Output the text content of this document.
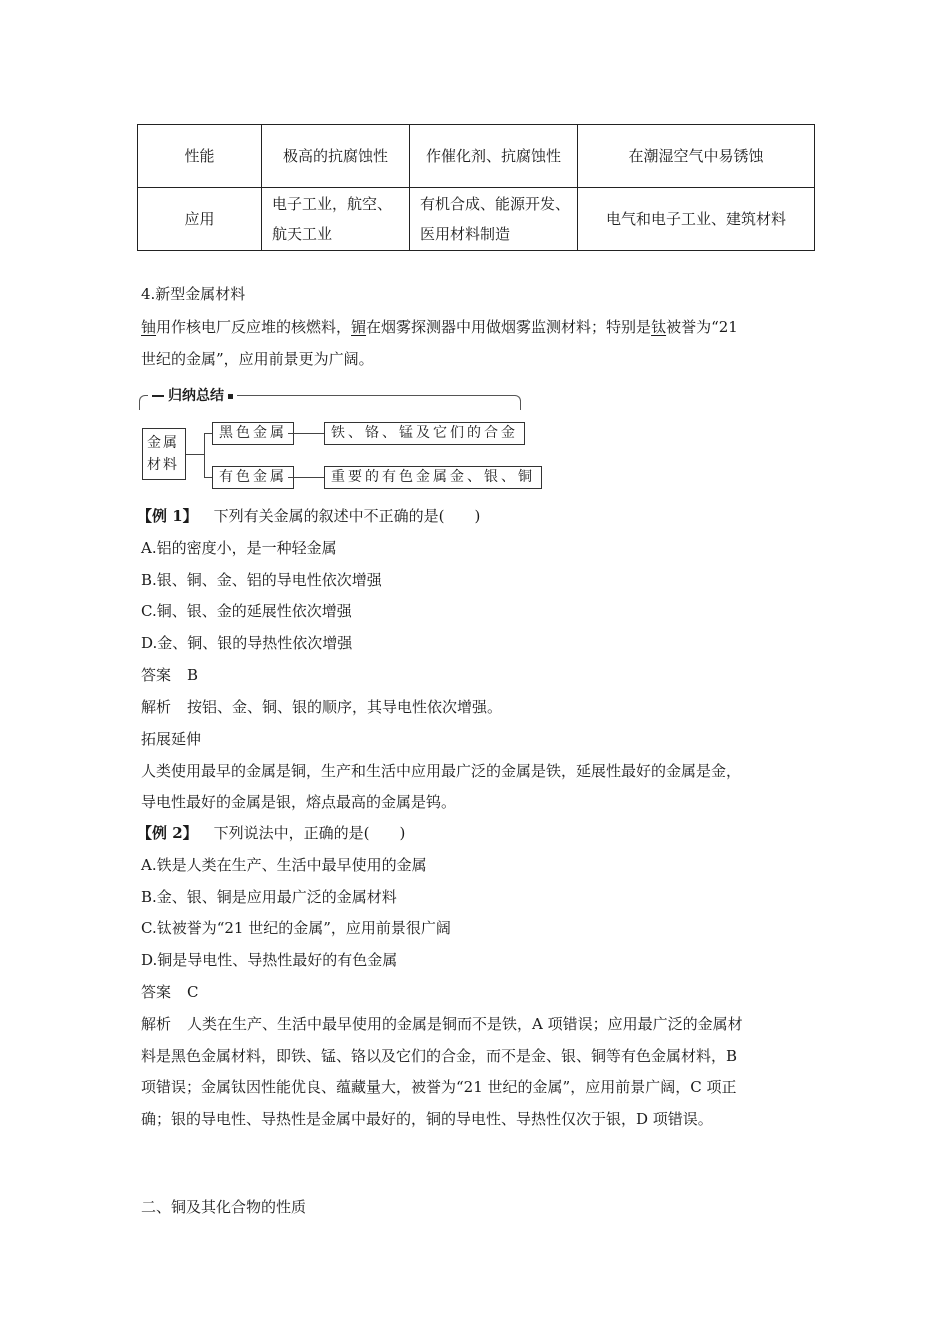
性能	极高的抗腐蚀性	作催化剂、抗腐蚀性	在潮湿空气中易锈蚀
应用	电子工业，航空、航天工业	有机合成、能源开发、医用材料制造	电气和电子工业、建筑材料
4.新型金属材料
铀用作核电厂反应堆的核燃料，镅在烟雾探测器中用做烟雾监测材料；特别是钛被誉为“21
世纪的金属”，应用前景更为广阔。
归纳总结
金属材料
黑色金属	铁、铬、锰及它们的合金
有色金属	重要的有色金属金、银、铜
【例 1】 下列有关金属的叙述中不正确的是(　　)
A.铝的密度小，是一种轻金属
B.银、铜、金、铝的导电性依次增强
C.铜、银、金的延展性依次增强
D.金、铜、银的导热性依次增强
答案 B
解析 按铝、金、铜、银的顺序，其导电性依次增强。
拓展延伸
人类使用最早的金属是铜，生产和生活中应用最广泛的金属是铁，延展性最好的金属是金，
导电性最好的金属是银，熔点最高的金属是钨。
【例 2】 下列说法中，正确的是(　　)
A.铁是人类在生产、生活中最早使用的金属
B.金、银、铜是应用最广泛的金属材料
C.钛被誉为“21 世纪的金属”，应用前景很广阔
D.铜是导电性、导热性最好的有色金属
答案 C
解析 人类在生产、生活中最早使用的金属是铜而不是铁，A 项错误；应用最广泛的金属材
料是黑色金属材料，即铁、锰、铬以及它们的合金，而不是金、银、铜等有色金属材料，B
项错误；金属钛因性能优良、蕴藏量大，被誉为“21 世纪的金属”，应用前景广阔，C 项正
确；银的导电性、导热性是金属中最好的，铜的导电性、导热性仅次于银，D 项错误。
二、铜及其化合物的性质
